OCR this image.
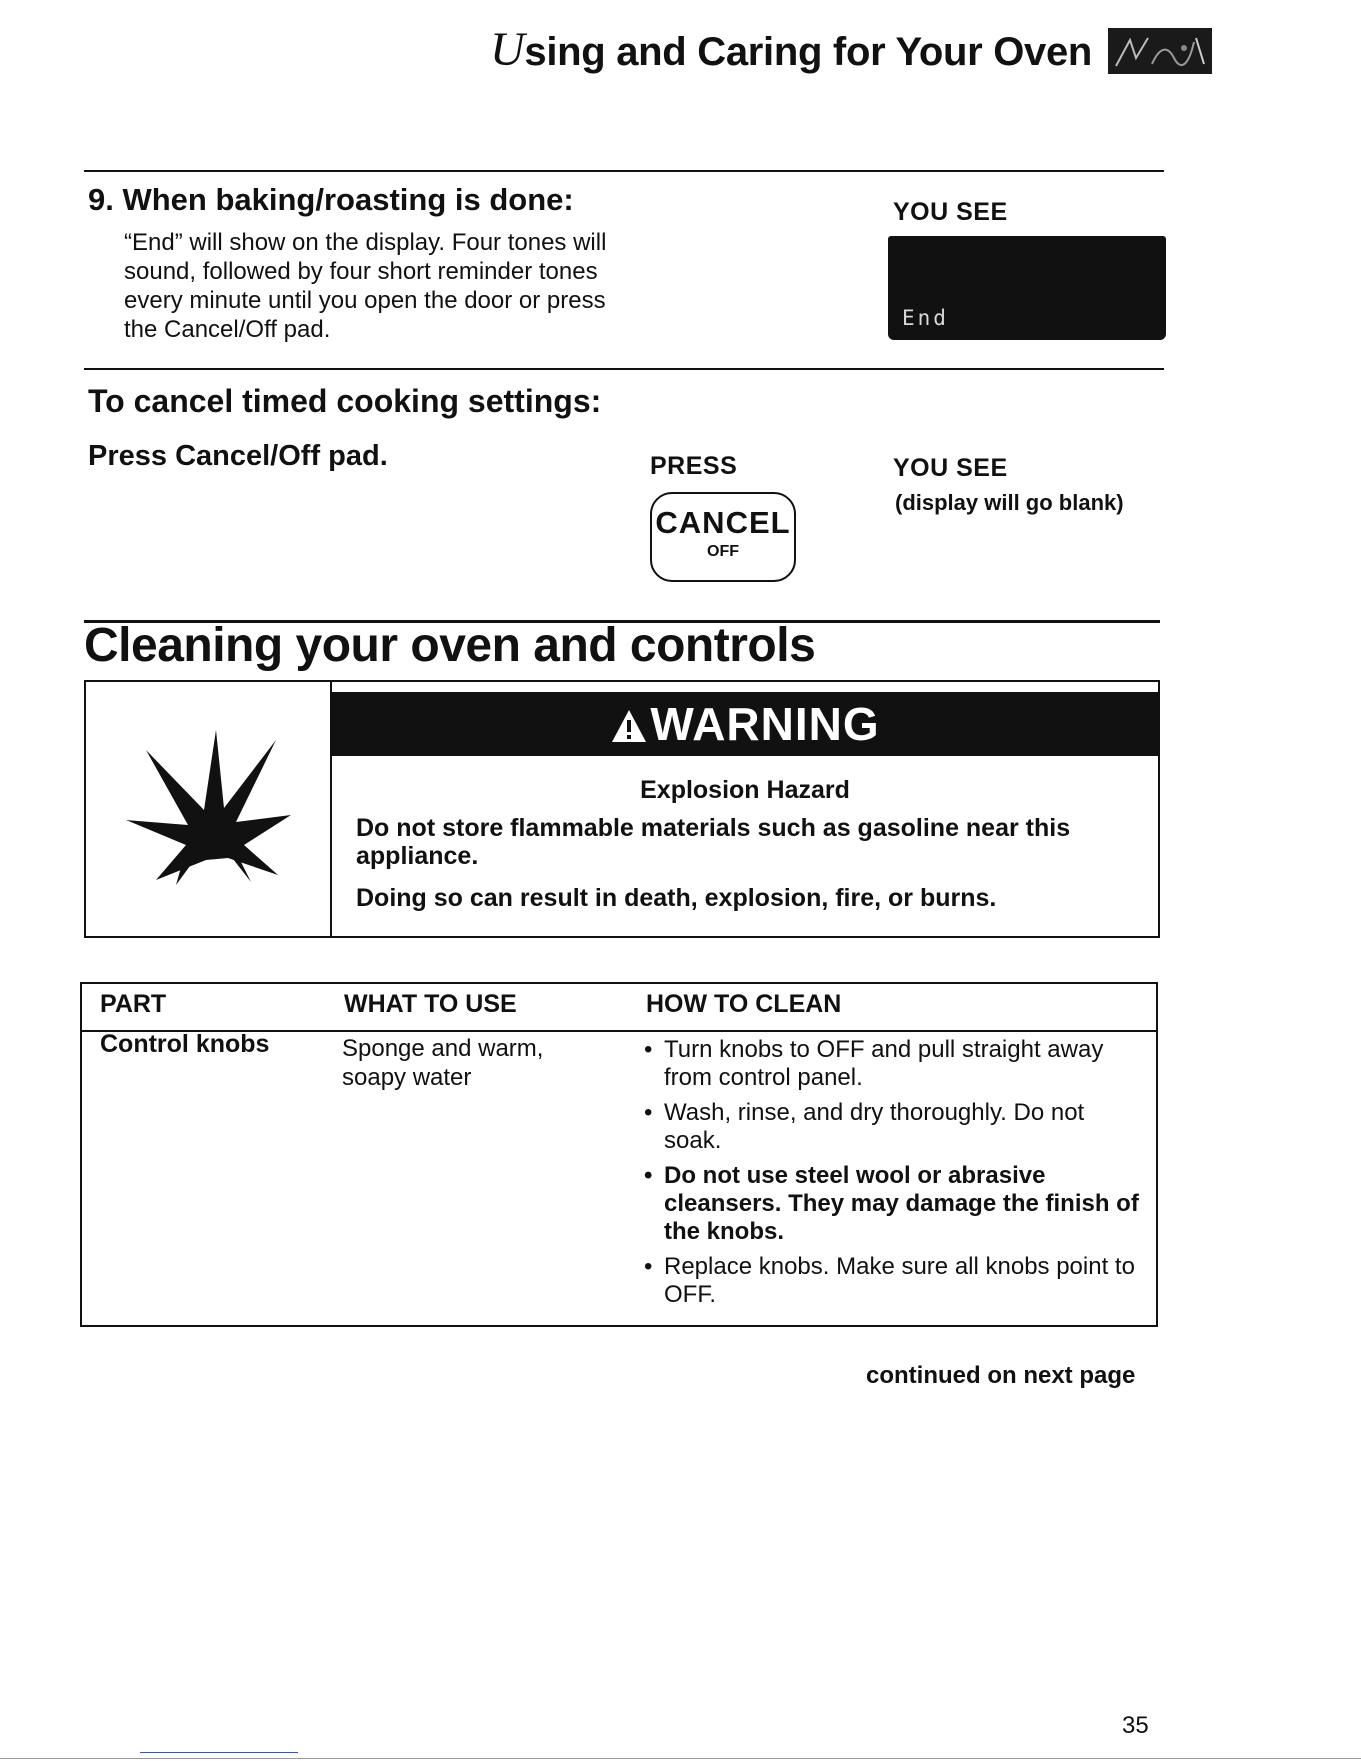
Using and Caring for Your Oven
9. When baking/roasting is done:
“End” will show on the display. Four tones will sound, followed by four short reminder tones every minute until you open the door or press the Cancel/Off pad.
YOU SEE
End
To cancel timed cooking settings:
Press Cancel/Off pad.	PRESS
CANCEL
OFF
YOU SEE
(display will go blank)
Cleaning your oven and controls
WARNING
Explosion Hazard
Do not store flammable materials such as gasoline near this appliance.
Doing so can result in death, explosion, fire, or burns.
PART	WHAT TO USE	HOW TO CLEAN
Control knobs	Sponge and warm, soapy water
• Turn knobs to OFF and pull straight away from control panel.
• Wash, rinse, and dry thoroughly. Do not soak.
• Do not use steel wool or abrasive cleansers. They may damage the finish of the knobs.
• Replace knobs. Make sure all knobs point to OFF.
continued on next page
35
